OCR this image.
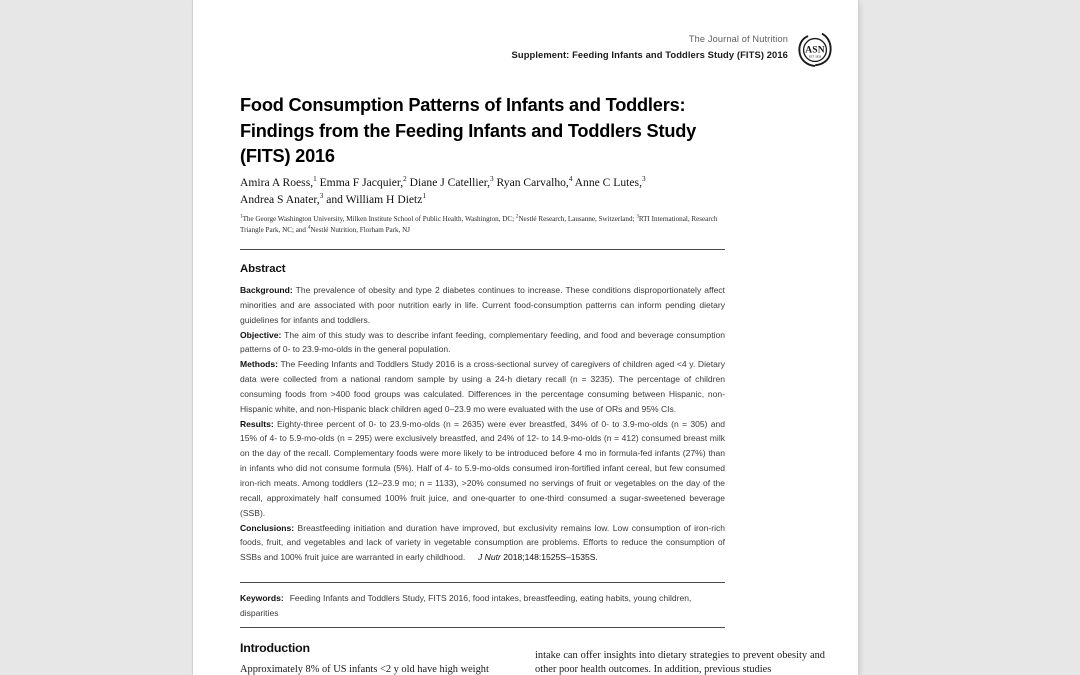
The Journal of Nutrition
Supplement: Feeding Infants and Toddlers Study (FITS) 2016 ASN
EST. 1928
Food Consumption Patterns of Infants and Toddlers: Findings from the Feeding Infants and Toddlers Study (FITS) 2016
Amira A Roess,$^1$ Emma F Jacquier,$^2$ Diane J Catellier,$^3$ Ryan Carvalho,$^4$ Anne C Lutes,$^3$
Andrea S Anater,$^3$ and William H Dietz$^1$
$^1$The George Washington University, Milken Institute School of Public Health, Washington, DC; $^2$Nestlé Research, Lausanne, Switzerland; $^3$RTI International, Research Triangle Park, NC; and $^4$Nestlé Nutrition, Florham Park, NJ
Abstract

Background: The prevalence of obesity and type 2 diabetes continues to increase. These conditions disproportionately affect minorities and are associated with poor nutrition early in life. Current food-consumption patterns can inform pending dietary guidelines for infants and toddlers.

Objective: The aim of this study was to describe infant feeding, complementary feeding, and food and beverage consumption patterns of 0- to 23.9-mo-olds in the general population.

Methods: The Feeding Infants and Toddlers Study 2016 is a cross-sectional survey of caregivers of children aged <4 y. Dietary data were collected from a national random sample by using a 24-h dietary recall (n = 3235). The percentage of children consuming foods from >400 food groups was calculated. Differences in the percentage consuming between Hispanic, non-Hispanic white, and non-Hispanic black children aged 0–23.9 mo were evaluated with the use of ORs and 95% CIs.

Results: Eighty-three percent of 0- to 23.9-mo-olds (n = 2635) were ever breastfed, 34% of 0- to 3.9-mo-olds (n = 305) and 15% of 4- to 5.9-mo-olds (n = 295) were exclusively breastfed, and 24% of 12- to 14.9-mo-olds (n = 412) consumed breast milk on the day of the recall. Complementary foods were more likely to be introduced before 4 mo in formula-fed infants (27%) than in infants who did not consume formula (5%). Half of 4- to 5.9-mo-olds consumed iron-fortified infant cereal, but few consumed iron-rich meats. Among toddlers (12–23.9 mo; n = 1133), >20% consumed no servings of fruit or vegetables on the day of the recall, approximately half consumed 100% fruit juice, and one-quarter to one-third consumed a sugar-sweetened beverage (SSB).

Conclusions: Breastfeeding initiation and duration have improved, but exclusivity remains low. Low consumption of iron-rich foods, fruit, and vegetables and lack of variety in vegetable consumption are problems. Efforts to reduce the consumption of SSBs and 100% fruit juice are warranted in early childhood.   J Nutr 2018;148:1525S–1535S.

Keywords: Feeding Infants and Toddlers Study, FITS 2016, food intakes, breastfeeding, eating habits, young children, disparities
Introduction

Approximately 8% of US infants <2 y old have high weight

intake can offer insights into dietary strategies to prevent obesity and other poor health outcomes. In addition, previous studies
